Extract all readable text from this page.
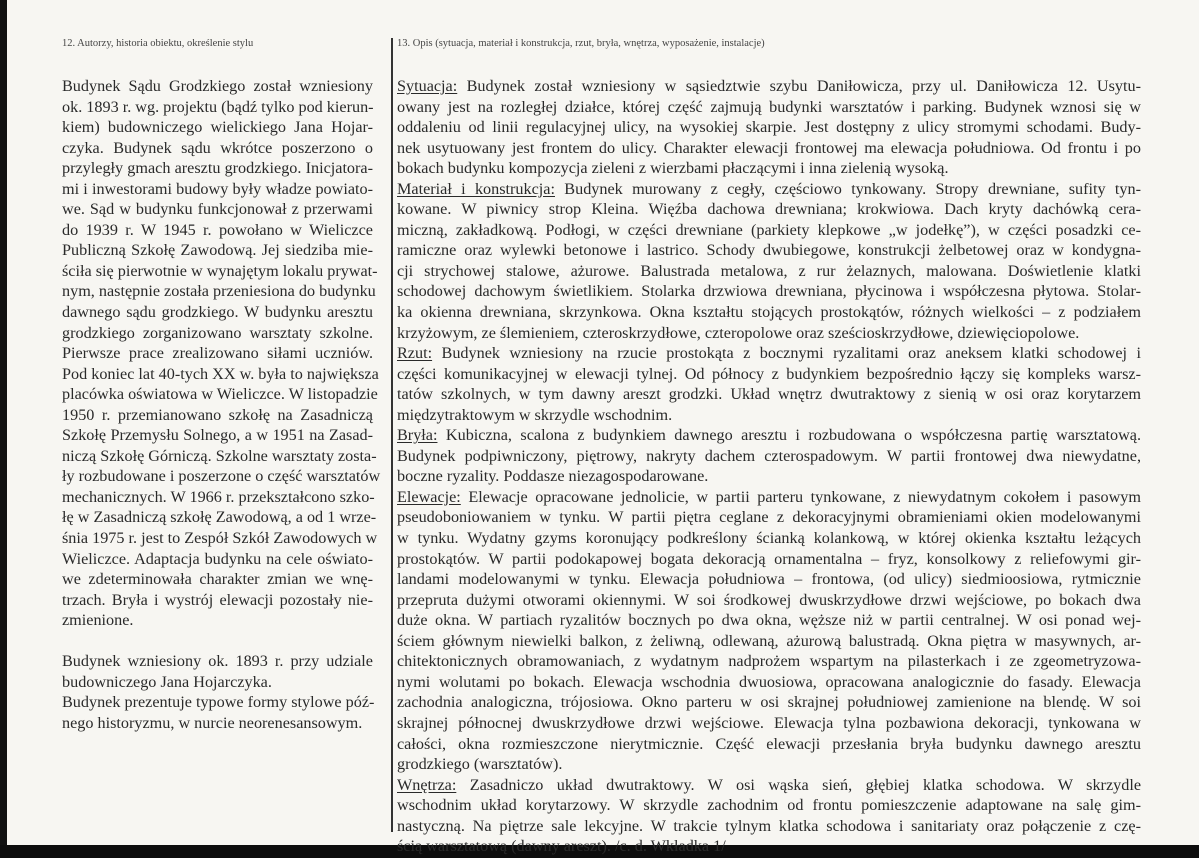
12. Autorzy, historia obiektu, określenie stylu	13. Opis (sytuacja, materiał i konstrukcja, rzut, bryła, wnętrza, wyposażenie, instalacje)
Budynek Sądu Grodzkiego został wzniesiony
ok. 1893 r. wg. projektu (bądź tylko pod kierun-
kiem) budowniczego wielickiego Jana Hojar-
czyka. Budynek sądu wkrótce poszerzono o
przyległy gmach aresztu grodzkiego. Inicjatora-
mi i inwestorami budowy były władze powiato-
we. Sąd w budynku funkcjonował z przerwami
do 1939 r. W 1945 r. powołano w Wieliczce
Publiczną Szkołę Zawodową. Jej siedziba mie-
ściła się pierwotnie w wynajętym lokalu prywat-
nym, następnie została przeniesiona do budynku
dawnego sądu grodzkiego. W budynku aresztu
grodzkiego zorganizowano warsztaty szkolne.
Pierwsze prace zrealizowano siłami uczniów.
Pod koniec lat 40-tych XX w. była to największa
placówka oświatowa w Wieliczce. W listopadzie
1950 r. przemianowano szkołę na Zasadniczą
Szkołę Przemysłu Solnego, a w 1951 na Zasad-
niczą Szkołę Górniczą. Szkolne warsztaty zosta-
ły rozbudowane i poszerzone o część warsztatów
mechanicznych. W 1966 r. przekształcono szko-
łę w Zasadniczą szkołę Zawodową, a od 1 wrze-
śnia 1975 r. jest to Zespół Szkół Zawodowych w
Wieliczce. Adaptacja budynku na cele oświato-
we zdeterminowała charakter zmian we wnę-
trzach. Bryła i wystrój elewacji pozostały nie-
zmienione.
Budynek wzniesiony ok. 1893 r. przy udziale
budowniczego Jana Hojarczyka.
Budynek prezentuje typowe formy stylowe póź-
nego historyzmu, w nurcie neorenesansowym.
Sytuacja: Budynek został wzniesiony w sąsiedztwie szybu Daniłowicza, przy ul. Daniłowicza 12. Usytu-
owany jest na rozległej działce, której część zajmują budynki warsztatów i parking. Budynek wznosi się w
oddaleniu od linii regulacyjnej ulicy, na wysokiej skarpie. Jest dostępny z ulicy stromymi schodami. Budy-
nek usytuowany jest frontem do ulicy. Charakter elewacji frontowej ma elewacja południowa. Od frontu i po
bokach budynku kompozycja zieleni z wierzbami płaczącymi i inna zielenią wysoką.
Materiał i konstrukcja: Budynek murowany z cegły, częściowo tynkowany. Stropy drewniane, sufity tyn-
kowane. W piwnicy strop Kleina. Więźba dachowa drewniana; krokwiowa. Dach kryty dachówką cera-
miczną, zakładkową. Podłogi, w części drewniane (parkiety klepkowe „w jodełkę”), w części posadzki ce-
ramiczne oraz wylewki betonowe i lastrico. Schody dwubiegowe, konstrukcji żelbetowej oraz w kondygna-
cji strychowej stalowe, ażurowe. Balustrada metalowa, z rur żelaznych, malowana. Doświetlenie klatki
schodowej dachowym świetlikiem. Stolarka drzwiowa drewniana, płycinowa i współczesna płytowa. Stolar-
ka okienna drewniana, skrzynkowa. Okna kształtu stojących prostokątów, różnych wielkości – z podziałem
krzyżowym, ze ślemieniem, czteroskrzydłowe, czteropolowe oraz sześcioskrzydłowe, dziewięciopolowe.
Rzut: Budynek wzniesiony na rzucie prostokąta z bocznymi ryzalitami oraz aneksem klatki schodowej i
części komunikacyjnej w elewacji tylnej. Od północy z budynkiem bezpośrednio łączy się kompleks warsz-
tatów szkolnych, w tym dawny areszt grodzki. Układ wnętrz dwutraktowy z sienią w osi oraz korytarzem
międzytraktowym w skrzydle wschodnim.
Bryła: Kubiczna, scalona z budynkiem dawnego aresztu i rozbudowana o współczesna partię warsztatową.
Budynek podpiwniczony, piętrowy, nakryty dachem czterospadowym. W partii frontowej dwa niewydatne,
boczne ryzality. Poddasze niezagospodarowane.
Elewacje: Elewacje opracowane jednolicie, w partii parteru tynkowane, z niewydatnym cokołem i pasowym
pseudoboniowaniem w tynku. W partii piętra ceglane z dekoracyjnymi obramieniami okien modelowanymi
w tynku. Wydatny gzyms koronujący podkreślony ścianką kolankową, w której okienka kształtu leżących
prostokątów. W partii podokapowej bogata dekoracją ornamentalna – fryz, konsolkowy z reliefowymi gir-
landami modelowanymi w tynku. Elewacja południowa – frontowa, (od ulicy) siedmioosiowa, rytmicznie
przepruta dużymi otworami okiennymi. W soi środkowej dwuskrzydłowe drzwi wejściowe, po bokach dwa
duże okna. W partiach ryzalitów bocznych po dwa okna, węższe niż w partii centralnej. W osi ponad wej-
ściem głównym niewielki balkon, z żeliwną, odlewaną, ażurową balustradą. Okna piętra w masywnych, ar-
chitektonicznych obramowaniach, z wydatnym nadprożem wspartym na pilasterkach i ze zgeometryzowa-
nymi wolutami po bokach. Elewacja wschodnia dwuosiowa, opracowana analogicznie do fasady. Elewacja
zachodnia analogiczna, trójosiowa. Okno parteru w osi skrajnej południowej zamienione na blendę. W soi
skrajnej północnej dwuskrzydłowe drzwi wejściowe. Elewacja tylna pozbawiona dekoracji, tynkowana w
całości, okna rozmieszczone nierytmicznie. Część elewacji przesłania bryła budynku dawnego aresztu
grodzkiego (warsztatów).
Wnętrza: Zasadniczo układ dwutraktowy. W osi wąska sień, głębiej klatka schodowa. W skrzydle
wschodnim układ korytarzowy. W skrzydle zachodnim od frontu pomieszczenie adaptowane na salę gim-
nastyczną. Na piętrze sale lekcyjne. W trakcie tylnym klatka schodowa i sanitariaty oraz połączenie z czę-
ścią warsztatową (dawny areszt). /c. d. Wkładka 1/
